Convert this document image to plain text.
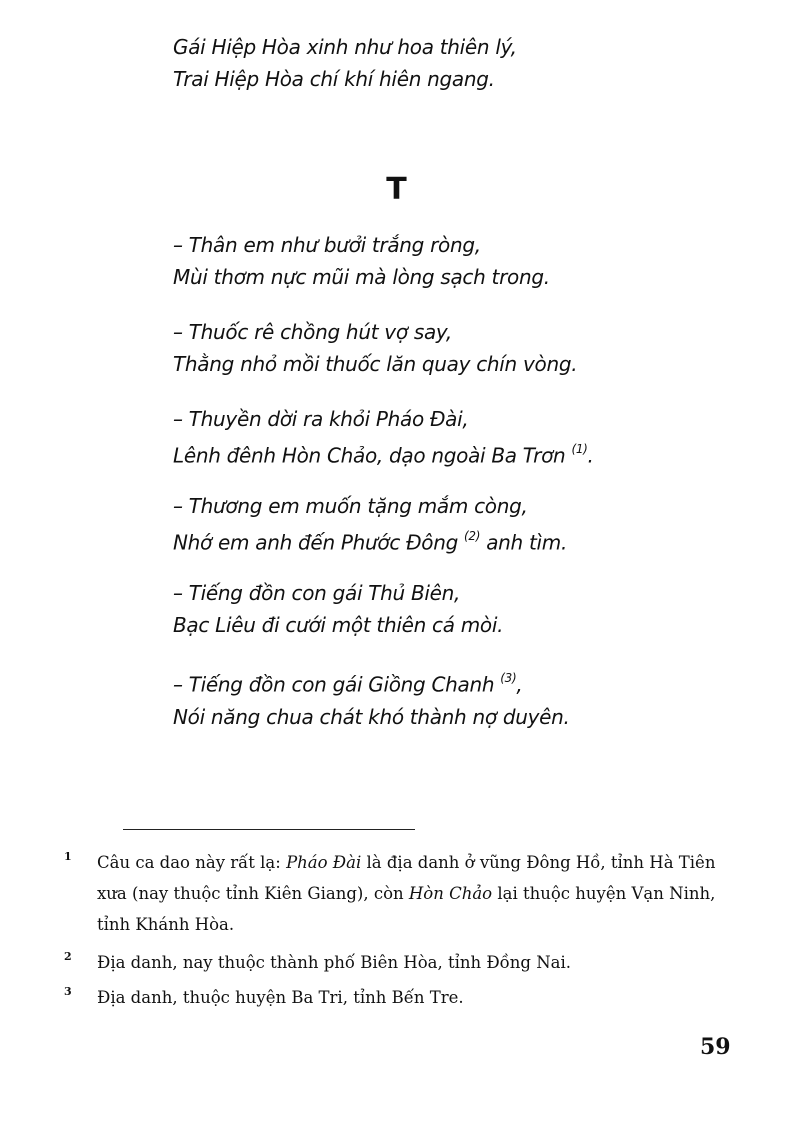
Gái Hiệp Hòa xinh như hoa thiên lý,
Trai Hiệp Hòa chí khí hiên ngang.
T
– Thân em như bưởi trắng ròng,
Mùi thơm nực mũi mà lòng sạch trong.
– Thuốc rê chồng hút vợ say,
Thằng nhỏ mồi thuốc lăn quay chín vòng.
– Thuyền dời ra khỏi Pháo Đài,
Lênh đênh Hòn Chảo, dạo ngoài Ba Trơn $^{(1)}$.
– Thương em muốn tặng mắm còng,
Nhớ em anh đến Phước Đông $^{(2)}$ anh tìm.
– Tiếng đồn con gái Thủ Biên,
Bạc Liêu đi cưới một thiên cá mòi.
– Tiếng đồn con gái Giồng Chanh $^{(3)}$,
Nói năng chua chát khó thành nợ duyên.
1 Câu ca dao này rất lạ: Pháo Đài là địa danh ở vũng Đông Hồ, tỉnh Hà Tiên xưa (nay thuộc tỉnh Kiên Giang), còn Hòn Chảo lại thuộc huyện Vạn Ninh, tỉnh Khánh Hòa.
2 Địa danh, nay thuộc thành phố Biên Hòa, tỉnh Đồng Nai.
3 Địa danh, thuộc huyện Ba Tri, tỉnh Bến Tre.
59
